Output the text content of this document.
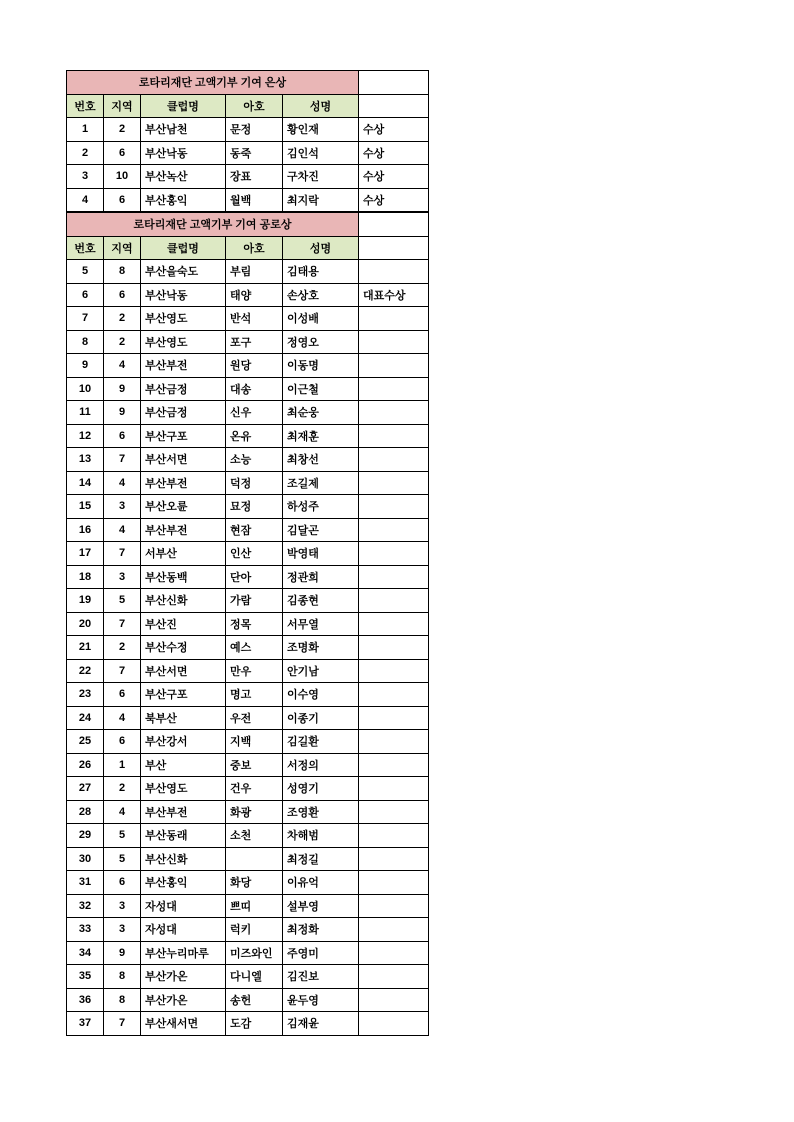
로타리재단 고액기부 기여 은상					
번호	지역	클럽명	아호	성명	
1	2	부산남천	문정	황인재	수상
2	6	부산낙동	동죽	김인석	수상
3	10	부산녹산	장표	구차진	수상
4	6	부산홍익	월백	최지락	수상
로타리재단 고액기부 기여 공로상					
번호	지역	클럽명	아호	성명	
5	8	부산을숙도	부림	김태용	
6	6	부산낙동	태양	손상호	대표수상
7	2	부산영도	반석	이성배	
8	2	부산영도	포구	정영오	
9	4	부산부전	원당	이동명	
10	9	부산금정	대송	이근철	
11	9	부산금정	신우	최순웅	
12	6	부산구포	온유	최재훈	
13	7	부산서면	소능	최창선	
14	4	부산부전	덕정	조길제	
15	3	부산오륜	묘정	하성주	
16	4	부산부전	현잠	김달곤	
17	7	서부산	인산	박영태	
18	3	부산동백	단아	정관희	
19	5	부산신화	가람	김종현	
20	7	부산진	정목	서무열	
21	2	부산수정	예스	조명화	
22	7	부산서면	만우	안기남	
23	6	부산구포	명고	이수영	
24	4	북부산	우전	이종기	
25	6	부산강서	지백	김길환	
26	1	부산	중보	서정의	
27	2	부산영도	건우	성영기	
28	4	부산부전	화광	조영환	
29	5	부산동래	소천	차해범	
30	5	부산신화		최정길	
31	6	부산홍익	화당	이유억	
32	3	자성대	쁘띠	설부영	
33	3	자성대	럭키	최정화	
34	9	부산누리마루	미즈와인	주영미	
35	8	부산가온	다니엘	김진보	
36	8	부산가온	송헌	윤두영	
37	7	부산새서면	도감	김재윤	
